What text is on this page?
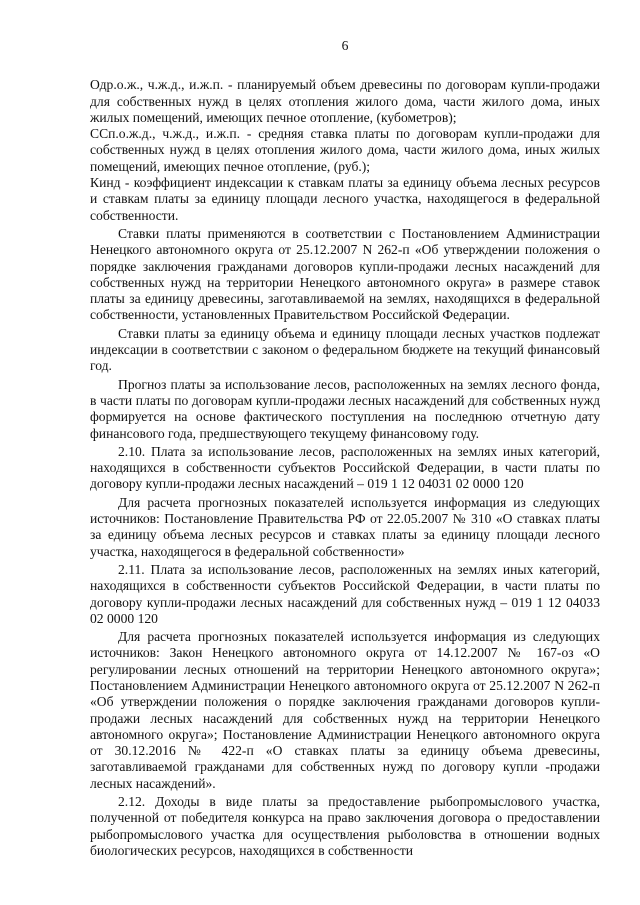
6

Одр.о.ж., ч.ж.д., и.ж.п. - планируемый объем древесины по договорам купли-продажи для собственных нужд в целях отопления жилого дома, части жилого дома, иных жилых помещений, имеющих печное отопление, (кубометров);

ССп.о.ж.д., ч.ж.д., и.ж.п. - средняя ставка платы по договорам купли-продажи для собственных нужд в целях отопления жилого дома, части жилого дома, иных жилых помещений, имеющих печное отопление, (руб.);

Кинд - коэффициент индексации к ставкам платы за единицу объема лесных ресурсов и ставкам платы за единицу площади лесного участка, находящегося в федеральной собственности.

Ставки платы применяются в соответствии с Постановлением Администрации Ненецкого автономного округа от 25.12.2007 N 262-п «Об утверждении положения о порядке заключения гражданами договоров купли-продажи лесных насаждений для собственных нужд на территории Ненецкого автономного округа» в размере ставок платы за единицу древесины, заготавливаемой на землях, находящихся в федеральной собственности, установленных Правительством Российской Федерации.

Ставки платы за единицу объема и единицу площади лесных участков подлежат индексации в соответствии с законом о федеральном бюджете на текущий финансовый год.

Прогноз платы за использование лесов, расположенных на землях лесного фонда, в части платы по договорам купли-продажи лесных насаждений для собственных нужд формируется на основе фактического поступления на последнюю отчетную дату финансового года, предшествующего текущему финансовому году.

2.10. Плата за использование лесов, расположенных на землях иных категорий, находящихся в собственности субъектов Российской Федерации, в части платы по договору купли-продажи лесных насаждений – 019 1 12 04031 02 0000 120

Для расчета прогнозных показателей используется информация из следующих источников: Постановление Правительства РФ от 22.05.2007 № 310 «О ставках платы за единицу объема лесных ресурсов и ставках платы за единицу площади лесного участка, находящегося в федеральной собственности»

2.11. Плата за использование лесов, расположенных на землях иных категорий, находящихся в собственности субъектов Российской Федерации, в части платы по договору купли-продажи лесных насаждений для собственных нужд – 019 1 12 04033 02 0000 120

Для расчета прогнозных показателей используется информация из следующих источников: Закон Ненецкого автономного округа от 14.12.2007 № 167-оз «О регулировании лесных отношений на территории Ненецкого автономного округа»; Постановлением Администрации Ненецкого автономного округа от 25.12.2007 N 262-п «Об утверждении положения о порядке заключения гражданами договоров купли-продажи лесных насаждений для собственных нужд на территории Ненецкого автономного округа»; Постановление Администрации Ненецкого автономного округа от 30.12.2016 № 422-п «О ставках платы за единицу объема древесины, заготавливаемой гражданами для собственных нужд по договору купли -продажи лесных насаждений».

2.12. Доходы в виде платы за предоставление рыбопромыслового участка, полученной от победителя конкурса на право заключения договора о предоставлении рыбопромыслового участка для осуществления рыболовства в отношении водных биологических ресурсов, находящихся в собственности
